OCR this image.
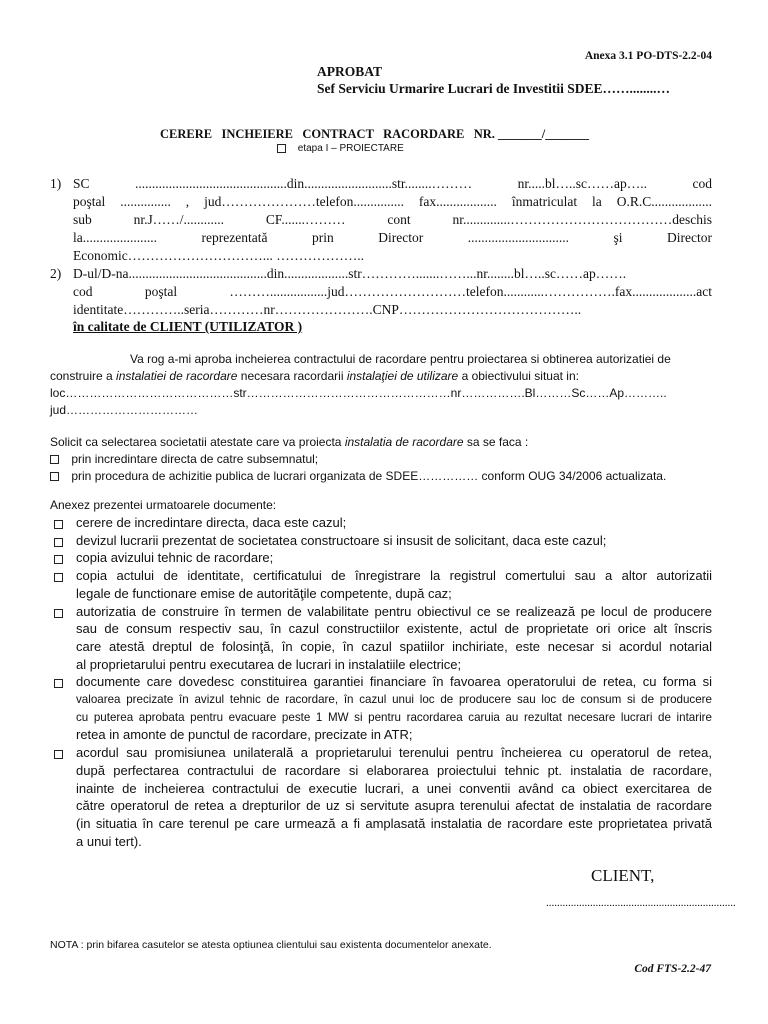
Anexa 3.1 PO-DTS-2.2-04
APROBAT
Sef Serviciu Urmarire Lucrari de Investitii SDEE……........…
CERERE   INCHEIERE   CONTRACT   RACORDARE   NR. _______/_______
etapa I – PROIECTARE
1) SC .............................................din..........................str........……… nr.....bl…..sc……ap….. cod
poştal ............... , jud…………………telefon............... fax.................. înmatriculat la O.R.C..................
sub nr.J……/............ CF.......……… cont nr..............………………………………deschis
la...................... reprezentată prin Director .............................. şi Director
Economic…………………………... ………………..
2) D-ul/D-na.........................................din...................str………….......……...nr........bl…..sc……ap…….
cod poştal ……….................jud………………………telefon............…………….fax...................act
identitate…………..seria…………nr………………….CNP…………………………………..
în calitate de CLIENT (UTILIZATOR )
Va rog a-mi aproba incheierea contractului de racordare pentru proiectarea si obtinerea autorizatiei de
construire a instalatiei de racordare necesara racordarii instalaţiei de utilizare a obiectivului situat in:
loc……………………………………str……………………………………………nr…………….Bl………Sc……Ap………..
jud……………………………
Solicit ca selectarea societatii atestate care va proiecta instalatia de racordare sa se faca :
prin incredintare directa de catre subsemnatul;
prin procedura de achizitie publica de lucrari organizata de SDEE…………… conform OUG 34/2006 actualizata.
Anexez prezentei urmatoarele documente:
cerere de incredintare directa, daca este cazul;
devizul lucrarii prezentat de societatea constructoare si insusit de solicitant, daca este cazul;
copia avizului tehnic de racordare;
copia actului de identitate, certificatului de înregistrare la registrul comertului sau a altor autorizatii
legale de functionare emise de autorităţile competente, după caz;
autorizatia de construire în termen de valabilitate pentru obiectivul ce se realizează pe locul de producere
sau de consum respectiv sau, în cazul constructiilor existente, actul de proprietate ori orice alt înscris
care atestă dreptul de folosinţă, în copie, în cazul spatiilor inchiriate, este necesar si acordul notarial
al proprietarului pentru executarea de lucrari in instalatiile electrice;
documente care dovedesc constituirea garantiei financiare în favoarea operatorului de retea, cu forma si
valoarea precizate în avizul tehnic de racordare, în cazul unui loc de producere sau loc de consum si de producere
cu puterea aprobata pentru evacuare peste 1 MW si pentru racordarea caruia au rezultat necesare lucrari de intarire
retea in amonte de punctul de racordare, precizate in ATR;
acordul sau promisiunea unilaterală a proprietarului terenului pentru încheierea cu operatorul de retea,
după perfectarea contractului de racordare si elaborarea proiectului tehnic pt. instalatia de racordare,
inainte de incheierea contractului de executie lucrari, a unei conventii având ca obiect exercitarea de
către operatorul de retea a drepturilor de uz si servitute asupra terenului afectat de instalatia de racordare
(in situatia în care terenul pe care urmează a fi amplasată instalatia de racordare este proprietatea privată
a unui tert).
CLIENT,
.....................................................................
NOTA : prin bifarea casutelor se atesta optiunea clientului sau existenta documentelor anexate.
Cod FTS-2.2-47
